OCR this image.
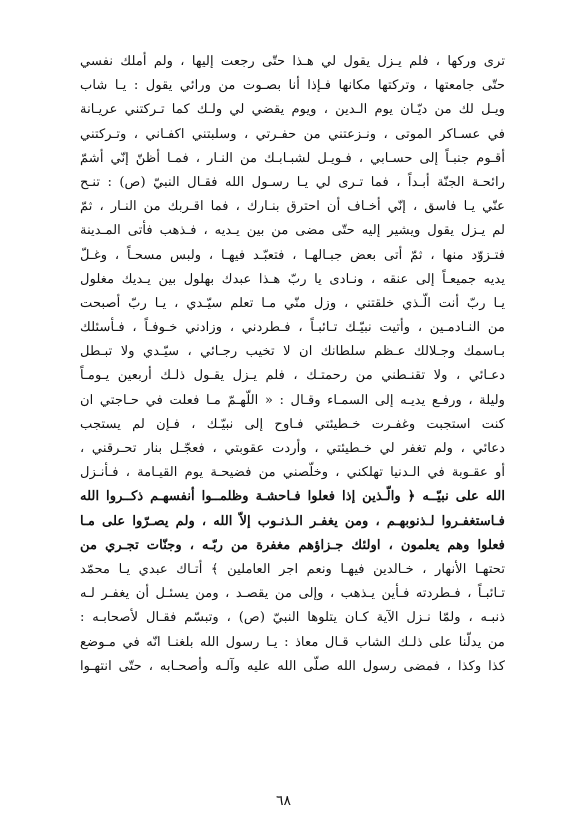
ترى وركها ، فلم يـزل يقول لي هـذا حتّى رجعت إليها ، ولم أملك نفسي
حتّى جامعتها ، وتركتها مكانها فـإذا أنا بصـوت من ورائي يقول : يـا شاب
ويـل لك من ديّـان يوم الـدين ، ويوم يقضي لي ولـك كما تـركتني عريـانة
في عسـاكر الموتى ، ونـزعتني من حفـرتي ، وسلبتني اكفـاني ، وتـركتني
أقـوم جنبـاً إلى حسـابي ، فـويـل لشبـابـك من النـار ، فمـا أظنّ إنّي أشمّ
رائحـة الجنّة أبـداً ، فما تـرى لي يـا رسـول الله فقـال النبيّ (ص) : تنـح
عنّي يـا فاسق ، إنّي أخـاف أن احترق بنـارك ، فما اقـربك من النـار ، ثمّ
لم يـزل يقول ويشير إليه حتّى مضى من بين يـديه ، فـذهب فأتى المـدينة
فتـزوّد منها ، ثمّ أتى بعض جبـالهـا ، فتعبّـد فيهـا ، ولبس مسحـاً ، وغـلّ
يديه جميعـاً إلى عنقه ، ونـادى يا ربّ هـذا عبدك بهلول بين يـديك مغلول
يـا ربّ أنت الّـذي خلقتني ، وزل منّي مـا تعلم سيّـدي ، يـا ربّ أصبحت
من النـادمـين ، وأتيت نبيّـك تـائبـاً ، فـطردني ، وزادني خـوفـاً ، فـأسئلك
بـاسمك وجـلالك عـظم سلطانك ان لا تخيب رجـائي ، سيّـدي ولا تبـطل
دعـائي ، ولا تقنـطني من رحمتـك ، فلم يـزل يقـول ذلـك أربعين يـومـاً
وليلة ، ورفـع يديـه إلى السمـاء وقـال : « اللّهـمّ مـا فعلت في حـاجتي ان
كنت استجبت وغفـرت خـطيئتي فـاوح إلى نبيّـك ، فـإن لم يستجب
دعائي ، ولم تغفر لي خـطيئتي ، وأردت عقوبتي ، فعجّـل بنار تحـرقني ،
أو عقـوبة في الـدنيا تهلكني ، وخلّصني من فضيحـة يوم القيـامة ، فـأنـزل
الله على نبيّــه ﴿ والّـذين إذا فعلوا فـاحشـة وظلمــوا أنفسهـم ذكــروا الله
فـاستغفـروا لـذنوبهـم ، ومن يغفـر الـذنـوب إلاّ الله ، ولم يصـرّوا على مـا
فعلوا وهم يعلمون ، اولئك جـزاؤهم مغفرة من ربّـه ، وجنّات تجـري من
تحتهـا الأنهار ، خـالدين فيهـا ونعم اجر العاملين ﴾ أتـاك عبدي يـا محمّد
تـائبـاً ، فـطردته فـأين يـذهب ، وإلى من يقصـد ، ومن يسئـل أن يغفـر لـه
ذنبـه ، ولمّا نـزل الآية كـان يتلوها النبيّ (ص) ، وتبسّم فقـال لأصحابـه :
من يدلّنا على ذلـك الشاب قـال معاذ : يـا رسول الله بلغنـا انّه في مـوضع
كذا وكذا ، فمضى رسول الله صلّى الله عليه وآلـه وأصحـابه ، حتّى انتهـوا
٦٨
